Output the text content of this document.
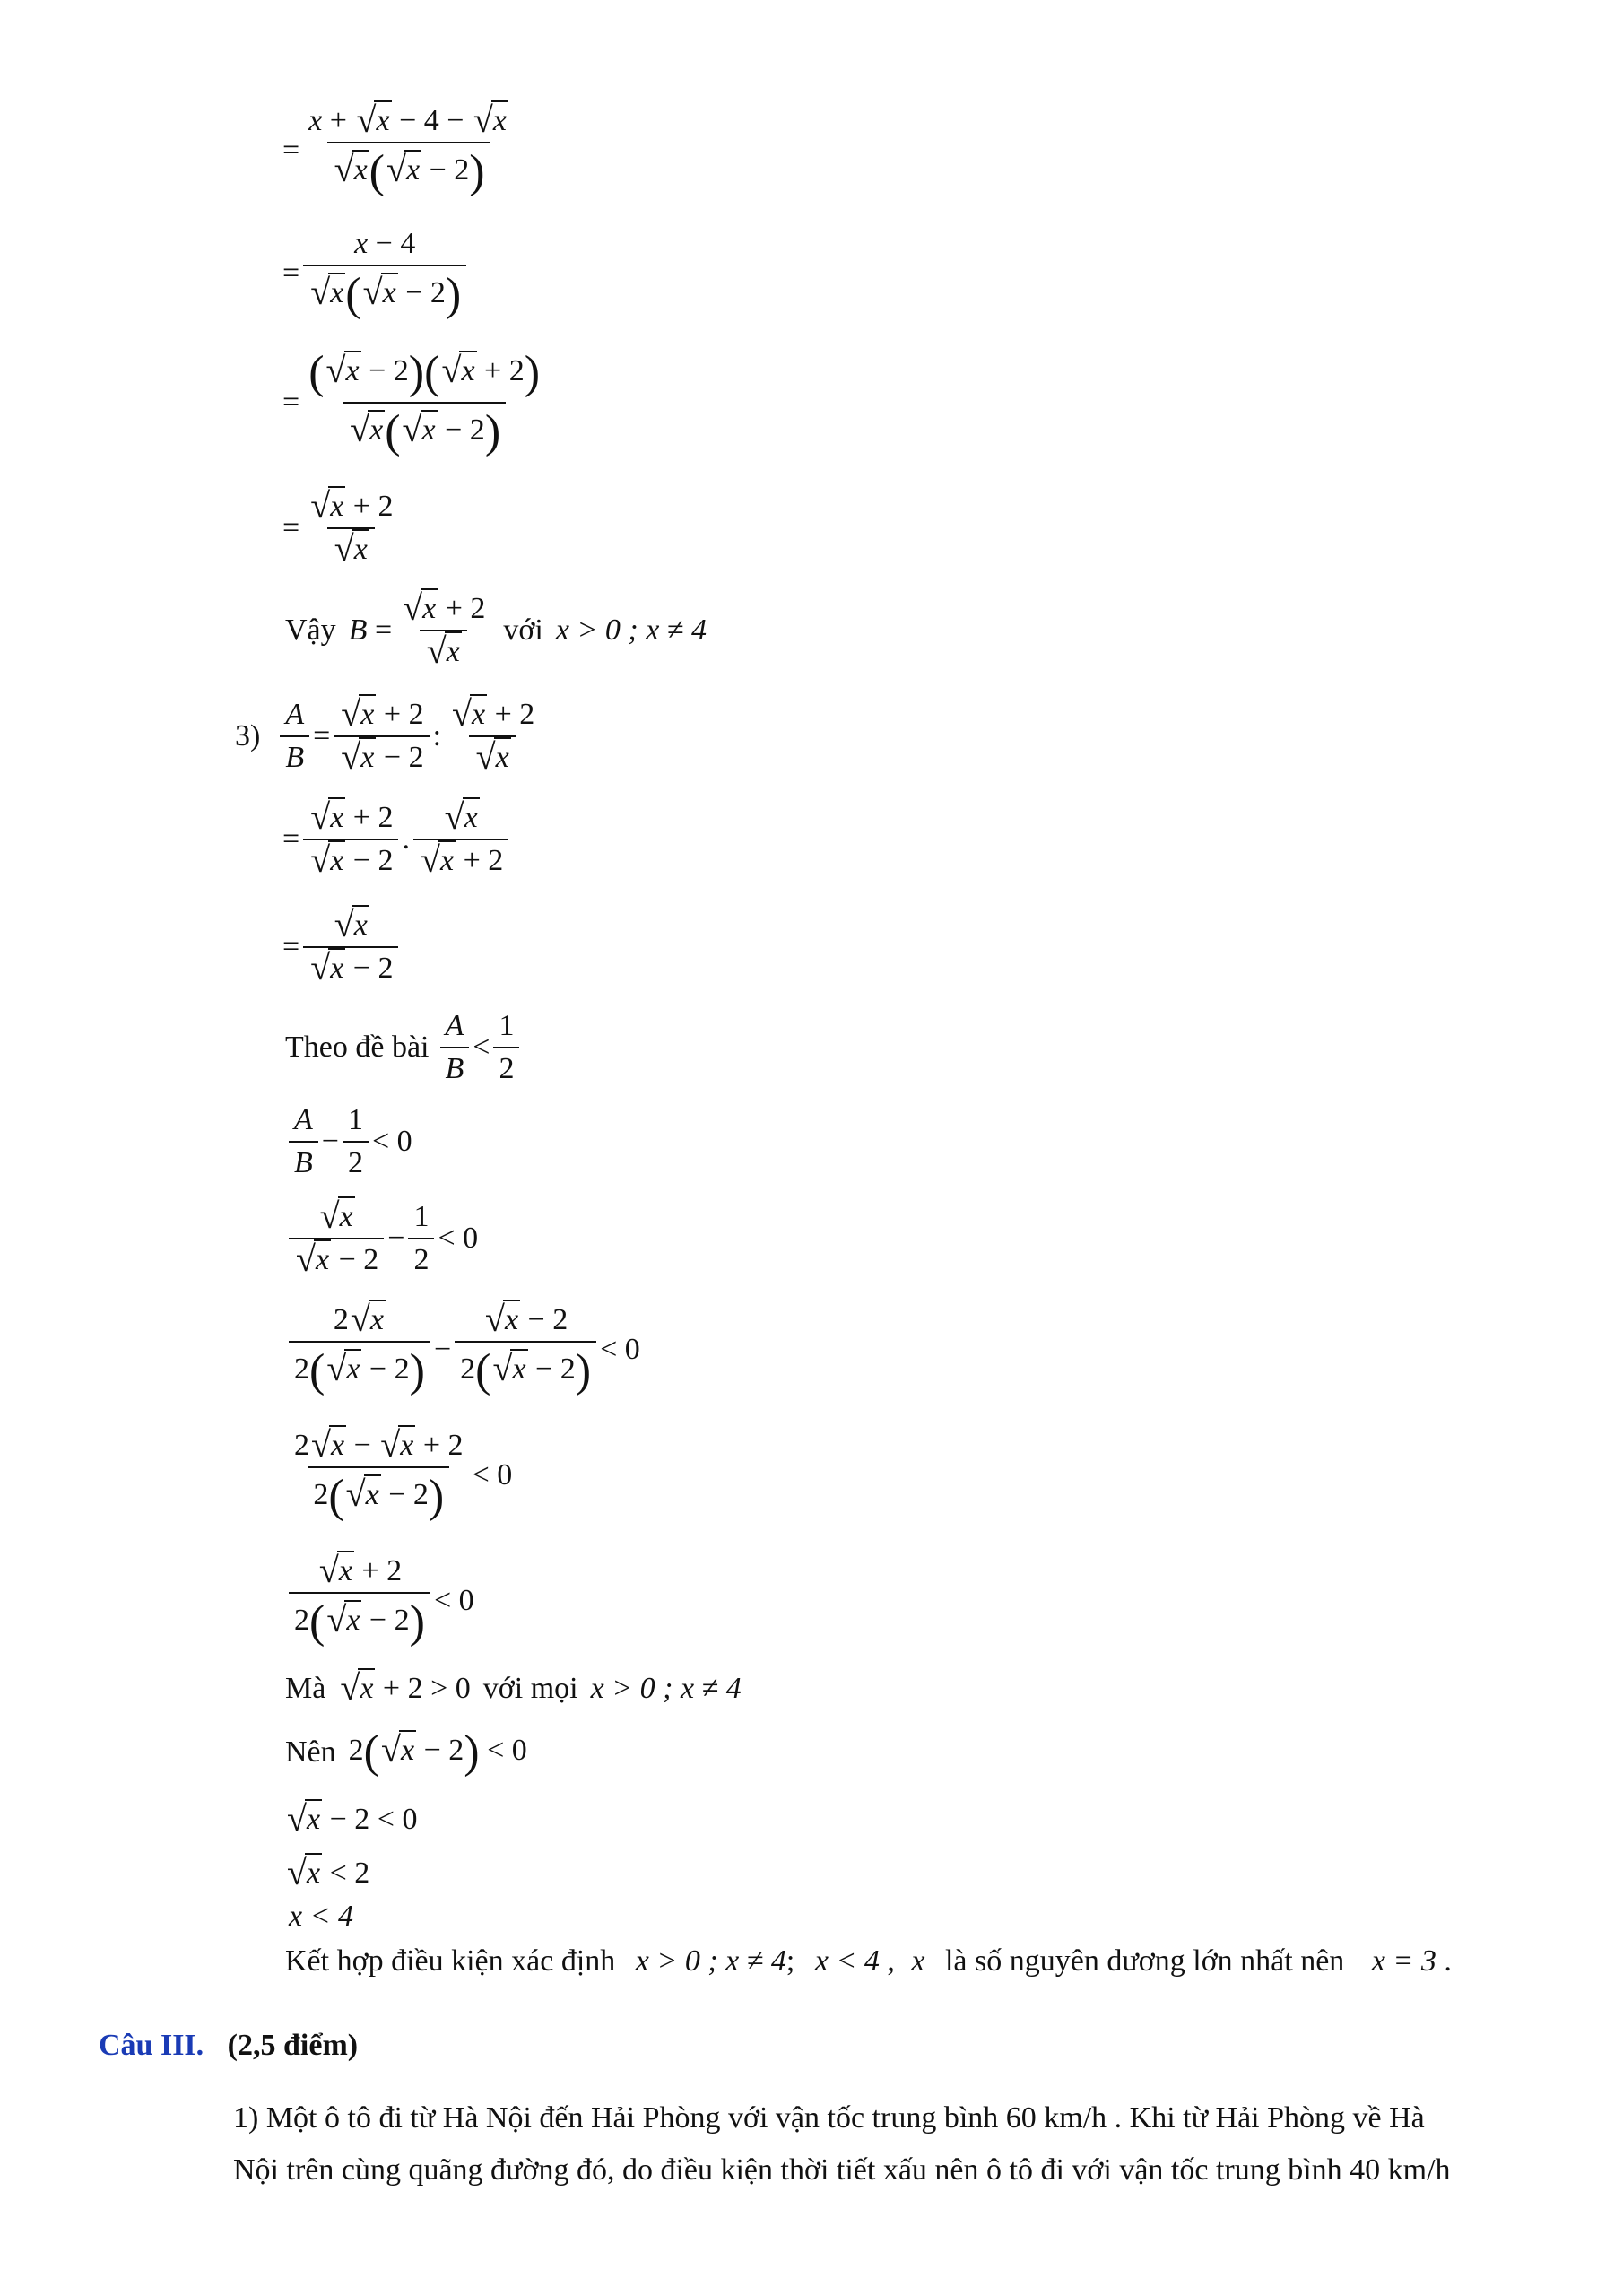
= x + √ x − 4 − √ x
√ x( √ x − 2)
= x − 4
√ x( √ x − 2)
= ( √ x − 2)( √ x + 2)
√ x( √ x − 2)
= √ x + 2
√ x
Vậy B = √ x + 2
√ x với x > 0 ; x ≠ 4
$3) \frac{A}{B}$ = √ x + 2
√ x − 2 : √ x + 2
√ x
= √ x + 2
√ x − 2 . √ x
√ x + 2
= √ x
√ x − 2
Theo đề bài $\frac{A}{B} < \frac{1}{2}$
$\frac{A}{B} - \frac{1}{2} < 0$
√ x
√ $x - 2 - \frac{1}{2} < 0$
$\frac{2 √ x}{2( √ x - 2)}$ − √ $\frac{x - 2}{2( √ x - 2)} < 0$
$\frac{2 √ x - √ x + 2}{2( √ x - 2)} < 0$
√ $\frac{x + 2}{2( √ x - 2)} < 0$
Mà	√ x + 2 > 0 với mọi x > 0 ; x ≠ 4
Nên 2( √ x − 2) < 0
√ x − 2 < 0
√ x < 2
x < 4
Kết hợp điều kiện xác định x > 0 ; x ≠ 4; x < 4 , x là số nguyên dương lớn nhất nên x = 3 .
Câu III. (2,5 điểm)
1) Một ô tô đi từ Hà Nội đến Hải Phòng với vận tốc trung bình 60 km/h . Khi từ Hải Phòng về Hà
Nội trên cùng quãng đường đó, do điều kiện thời tiết xấu nên ô tô đi với vận tốc trung bình 40 km/h
